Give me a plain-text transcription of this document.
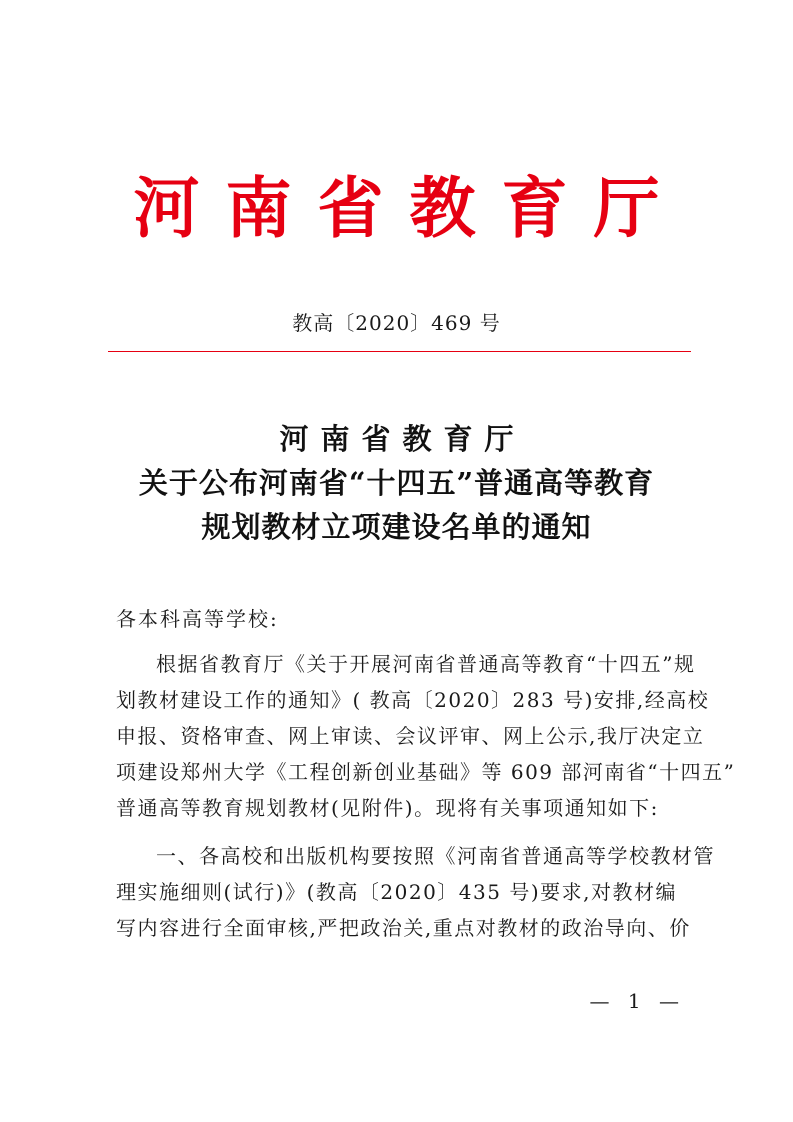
河南省教育厅
教高〔2020〕469 号
河南省教育厅
关于公布河南省“十四五”普通高等教育
规划教材立项建设名单的通知
各本科高等学校:
根据省教育厅《关于开展河南省普通高等教育“十四五”规
划教材建设工作的通知》( 教高〔2020〕283 号)安排,经高校
申报、资格审查、网上审读、会议评审、网上公示,我厅决定立
项建设郑州大学《工程创新创业基础》等 609 部河南省“十四五”
普通高等教育规划教材(见附件)。现将有关事项通知如下:
一、各高校和出版机构要按照《河南省普通高等学校教材管
理实施细则(试行)》(教高〔2020〕435 号)要求,对教材编
写内容进行全面审核,严把政治关,重点对教材的政治导向、价
— 1 —
